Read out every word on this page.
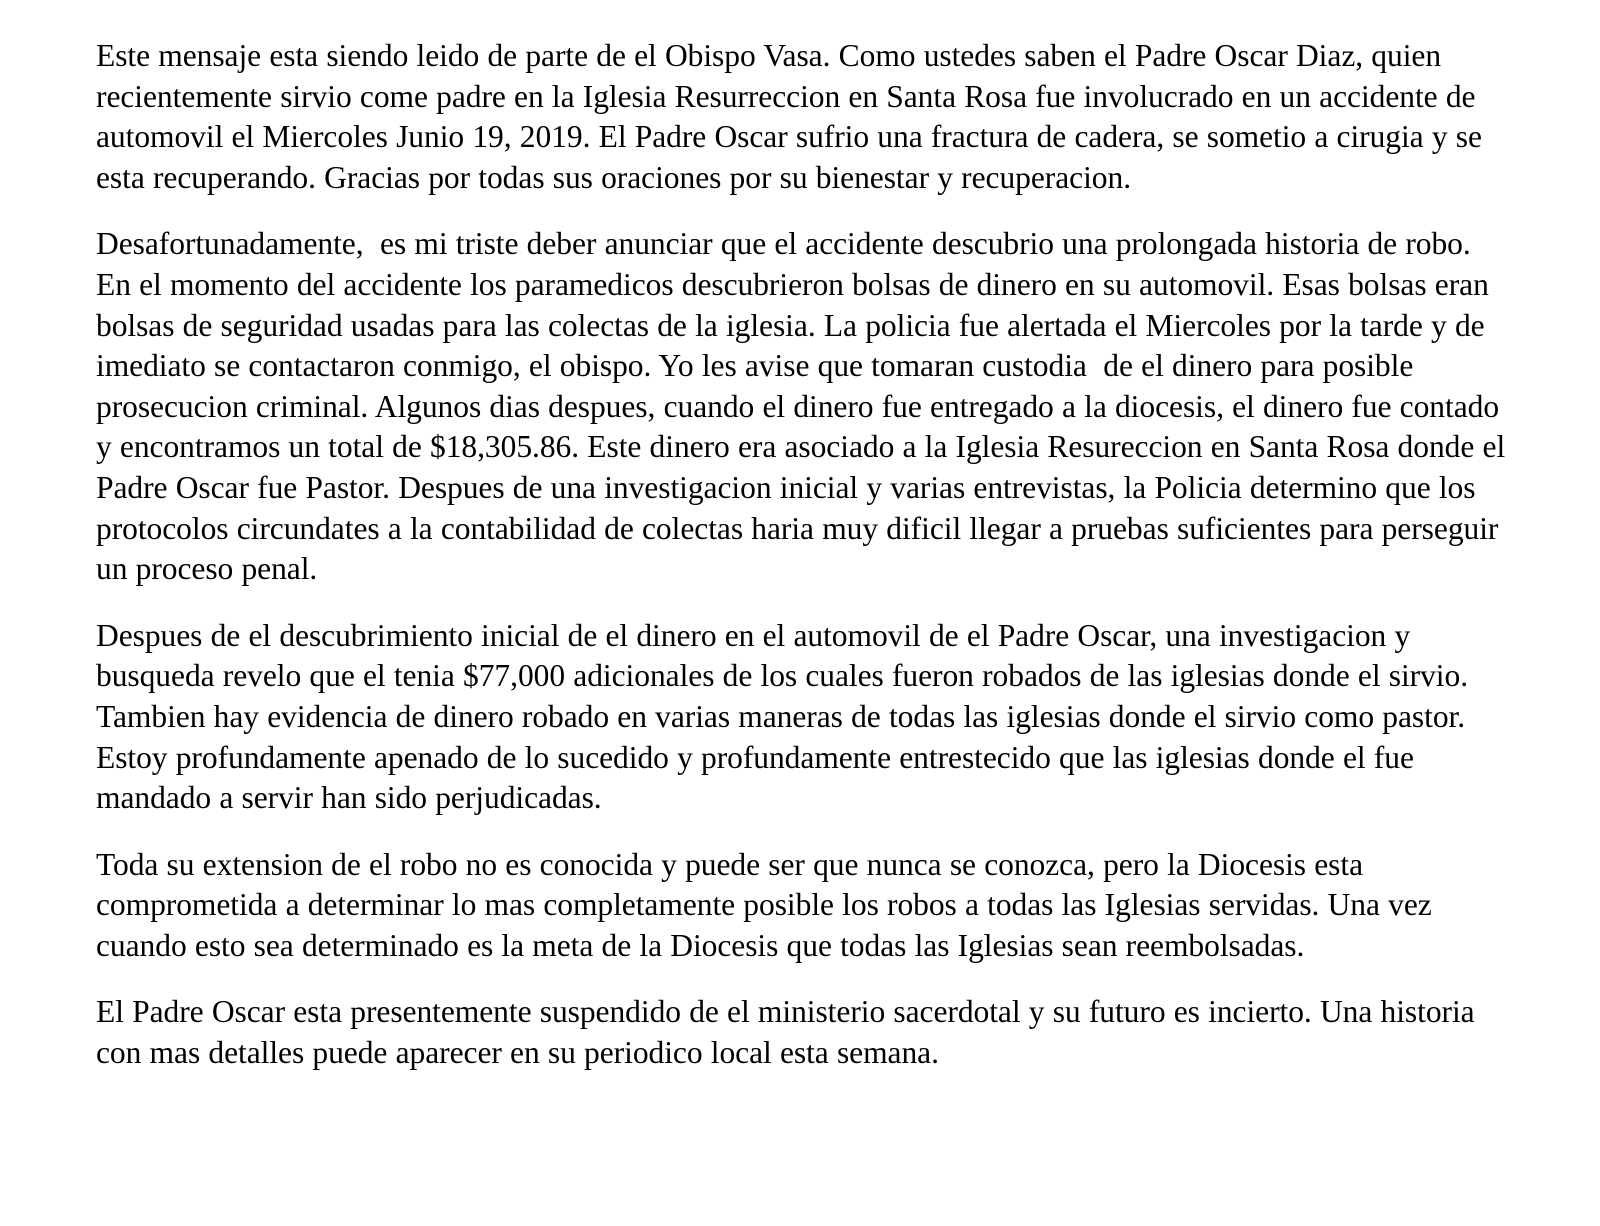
Este mensaje esta siendo leido de parte de el Obispo Vasa. Como ustedes saben el Padre Oscar Diaz, quien recientemente sirvio come padre en la Iglesia Resurreccion en Santa Rosa fue involucrado en un accidente de automovil el Miercoles Junio 19, 2019. El Padre Oscar sufrio una fractura de cadera, se sometio a cirugia y se esta recuperando. Gracias por todas sus oraciones por su bienestar y recuperacion.

Desafortunadamente,  es mi triste deber anunciar que el accidente descubrio una prolongada historia de robo. En el momento del accidente los paramedicos descubrieron bolsas de dinero en su automovil. Esas bolsas eran bolsas de seguridad usadas para las colectas de la iglesia. La policia fue alertada el Miercoles por la tarde y de imediato se contactaron conmigo, el obispo. Yo les avise que tomaran custodia  de el dinero para posible prosecucion criminal. Algunos dias despues, cuando el dinero fue entregado a la diocesis, el dinero fue contado y encontramos un total de $18,305.86. Este dinero era asociado a la Iglesia Resureccion en Santa Rosa donde el Padre Oscar fue Pastor. Despues de una investigacion inicial y varias entrevistas, la Policia determino que los protocolos circundates a la contabilidad de colectas haria muy dificil llegar a pruebas suficientes para perseguir un proceso penal.

Despues de el descubrimiento inicial de el dinero en el automovil de el Padre Oscar, una investigacion y busqueda revelo que el tenia $77,000 adicionales de los cuales fueron robados de las iglesias donde el sirvio. Tambien hay evidencia de dinero robado en varias maneras de todas las iglesias donde el sirvio como pastor. Estoy profundamente apenado de lo sucedido y profundamente entrestecido que las iglesias donde el fue mandado a servir han sido perjudicadas.

Toda su extension de el robo no es conocida y puede ser que nunca se conozca, pero la Diocesis esta comprometida a determinar lo mas completamente posible los robos a todas las Iglesias servidas. Una vez cuando esto sea determinado es la meta de la Diocesis que todas las Iglesias sean reembolsadas.

El Padre Oscar esta presentemente suspendido de el ministerio sacerdotal y su futuro es incierto. Una historia con mas detalles puede aparecer en su periodico local esta semana.
